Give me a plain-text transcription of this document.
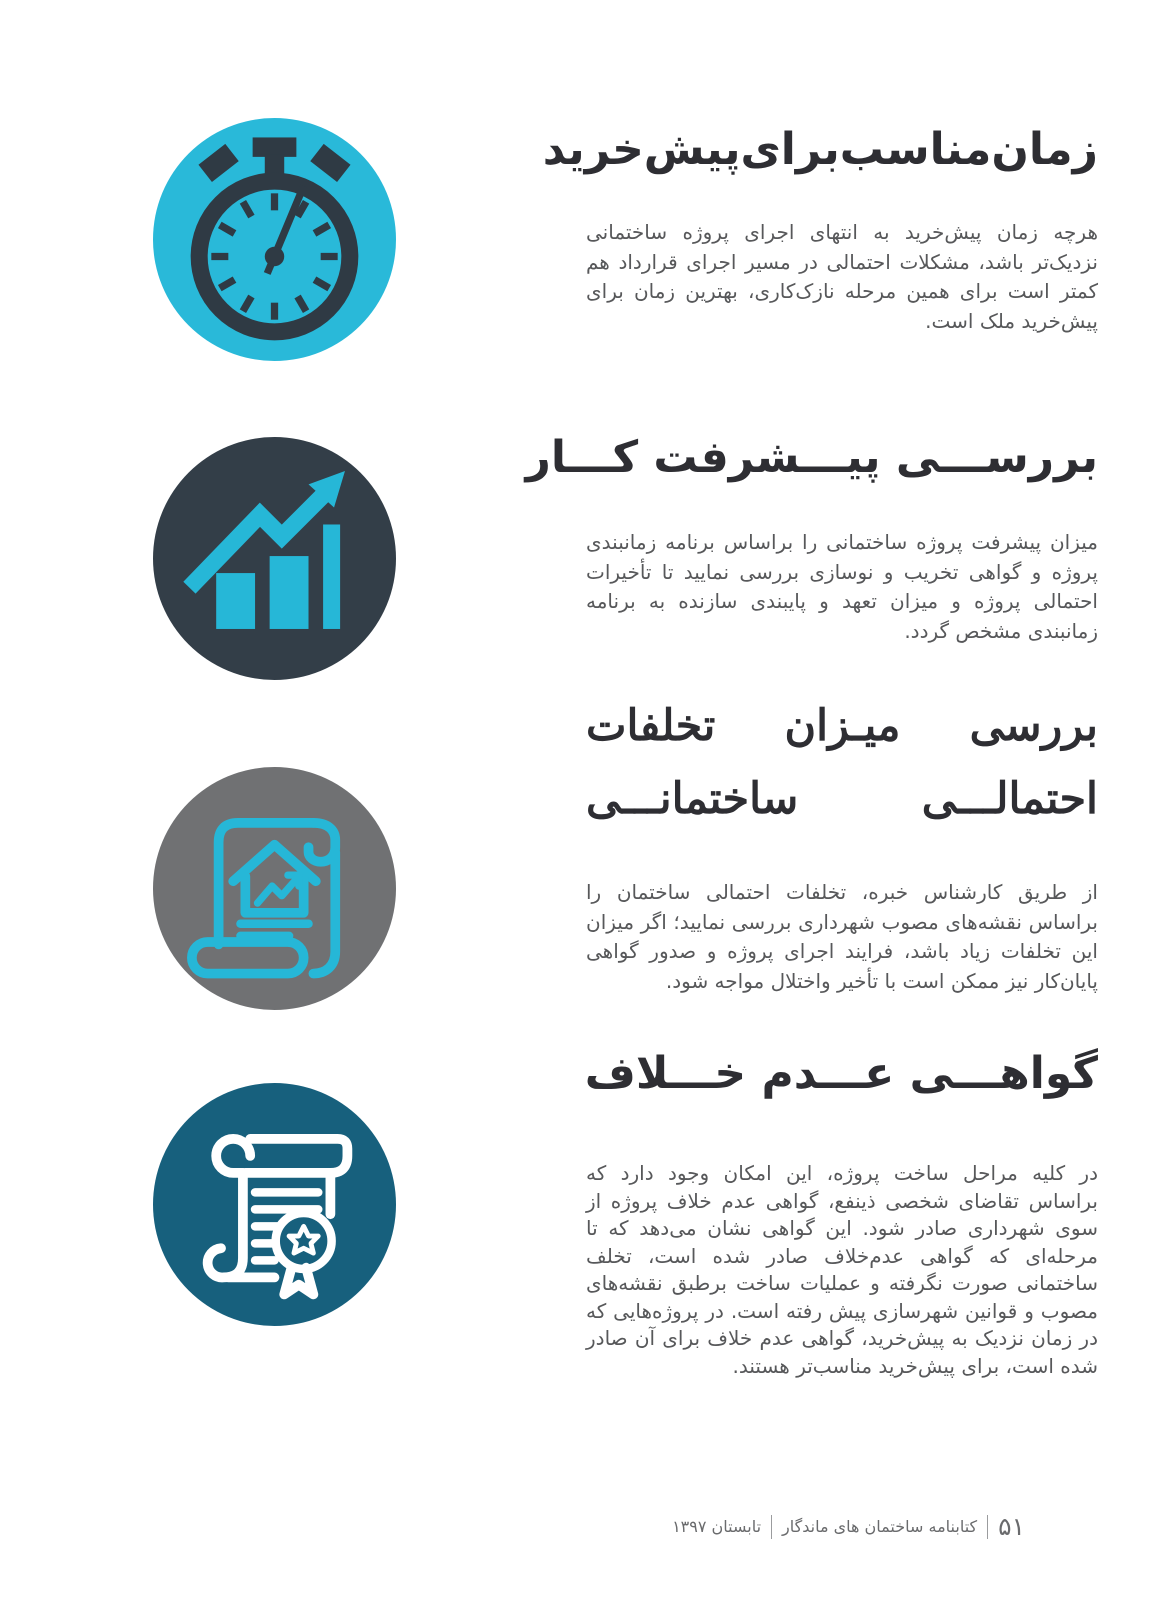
زمان‌مناسب‌برای‌پیش‌خرید
هرچه زمان پیش‌خرید به انتهای اجرای پروژه ساختمانی نزدیک‌تر باشد، مشکلات احتمالی در مسیر اجرای قرارداد هم کمتر است برای همین مرحله نازک‌کاری، بهترین زمان برای پیش‌خرید ملک است.
بررســـی پیـــشرفت کـــار
میزان پیشرفت پروژه ساختمانی را براساس برنامه زمانبندی پروژه و گواهی تخریب و نوسازی بررسی نمایید تا تأخیرات احتمالی پروژه و میزان تعهد و پایبندی سازنده به برنامه زمانبندی مشخص گردد.
بررسی میـزان تخلفات
احتمالـــی ساختمانـــی
از طریق کارشناس خبره، تخلفات احتمالی ساختمان را براساس نقشه‌های مصوب شهرداری بررسی نمایید؛ اگر میزان این تخلفات زیاد باشد، فرایند اجرای پروژه و صدور گواهی پایان‌کار نیز ممکن است با تأخیر واختلال مواجه شود.
گواهـــی عـــدم خـــلاف
در کلیه مراحل ساخت پروژه، این امکان وجود دارد که براساس تقاضای شخصی ذینفع، گواهی عدم خلاف پروژه از سوی شهرداری صادر شود. این گواهی نشان می‌دهد که تا مرحله‌ای که گواهی عدم‌خلاف صادر شده است، تخلف ساختمانی صورت نگرفته و عملیات ساخت برطبق نقشه‌های مصوب و قوانین شهرسازی پیش رفته است. در پروژه‌هایی که در زمان نزدیک به پیش‌خرید، گواهی عدم خلاف برای آن صادر شده است، برای پیش‌خرید مناسب‌تر هستند.
۵۱
کتابنامه ساختمان های ماندگار
تابستان ۱۳۹۷
